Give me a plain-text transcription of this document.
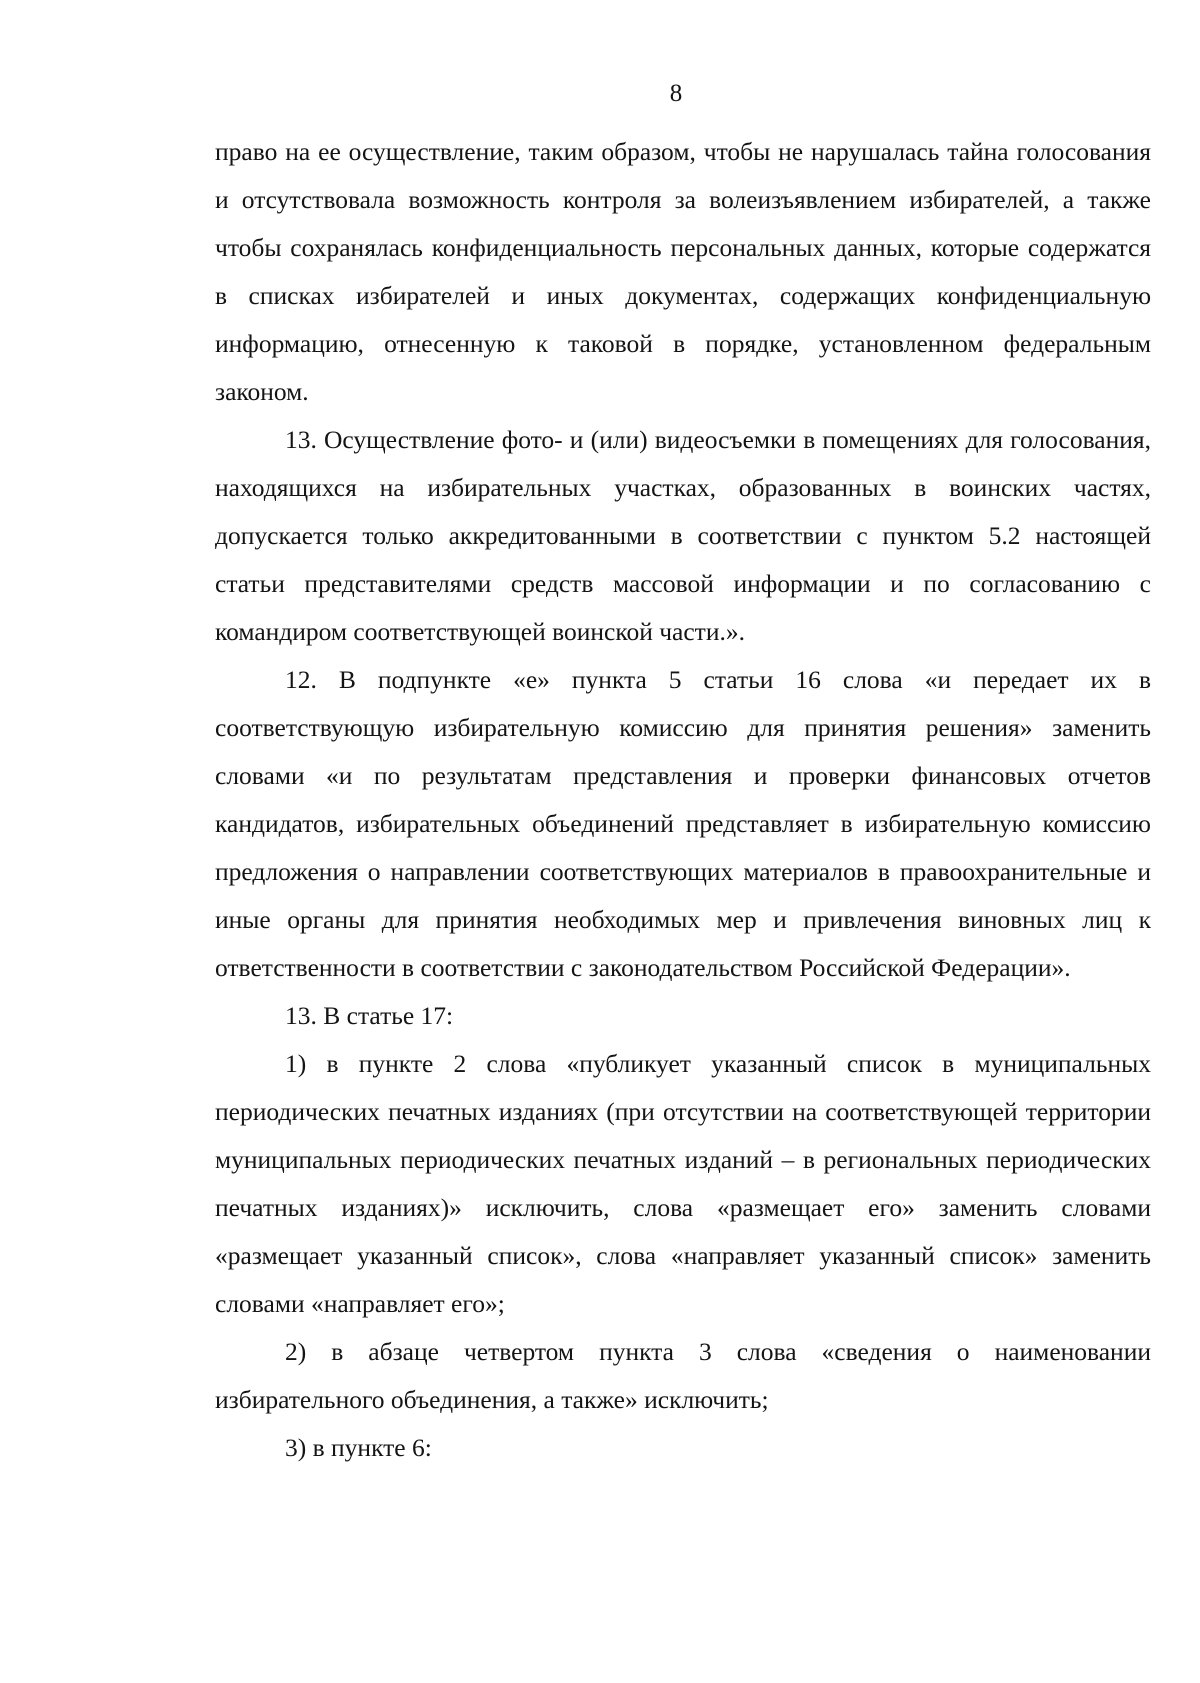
8

право на ее осуществление, таким образом, чтобы не нарушалась тайна голосования и отсутствовала возможность контроля за волеизъявлением избирателей, а также чтобы сохранялась конфиденциальность персональных данных, которые содержатся в списках избирателей и иных документах, содержащих конфиденциальную информацию, отнесенную к таковой в порядке, установленном федеральным законом.

13. Осуществление фото- и (или) видеосъемки в помещениях для голосования, находящихся на избирательных участках, образованных в воинских частях, допускается только аккредитованными в соответствии с пунктом 5.2 настоящей статьи представителями средств массовой информации и по согласованию с командиром соответствующей воинской части.».

12. В подпункте «е» пункта 5 статьи 16 слова «и передает их в соответствующую избирательную комиссию для принятия решения» заменить словами «и по результатам представления и проверки финансовых отчетов кандидатов, избирательных объединений представляет в избирательную комиссию предложения о направлении соответствующих материалов в правоохранительные и иные органы для принятия необходимых мер и привлечения виновных лиц к ответственности в соответствии с законодательством Российской Федерации».

13. В статье 17:

1) в пункте 2 слова «публикует указанный список в муниципальных периодических печатных изданиях (при отсутствии на соответствующей территории муниципальных периодических печатных изданий – в региональных периодических печатных изданиях)» исключить, слова «размещает его» заменить словами «размещает указанный список», слова «направляет указанный список» заменить словами «направляет его»;

2) в абзаце четвертом пункта 3 слова «сведения о наименовании избирательного объединения, а также» исключить;

3) в пункте 6:
